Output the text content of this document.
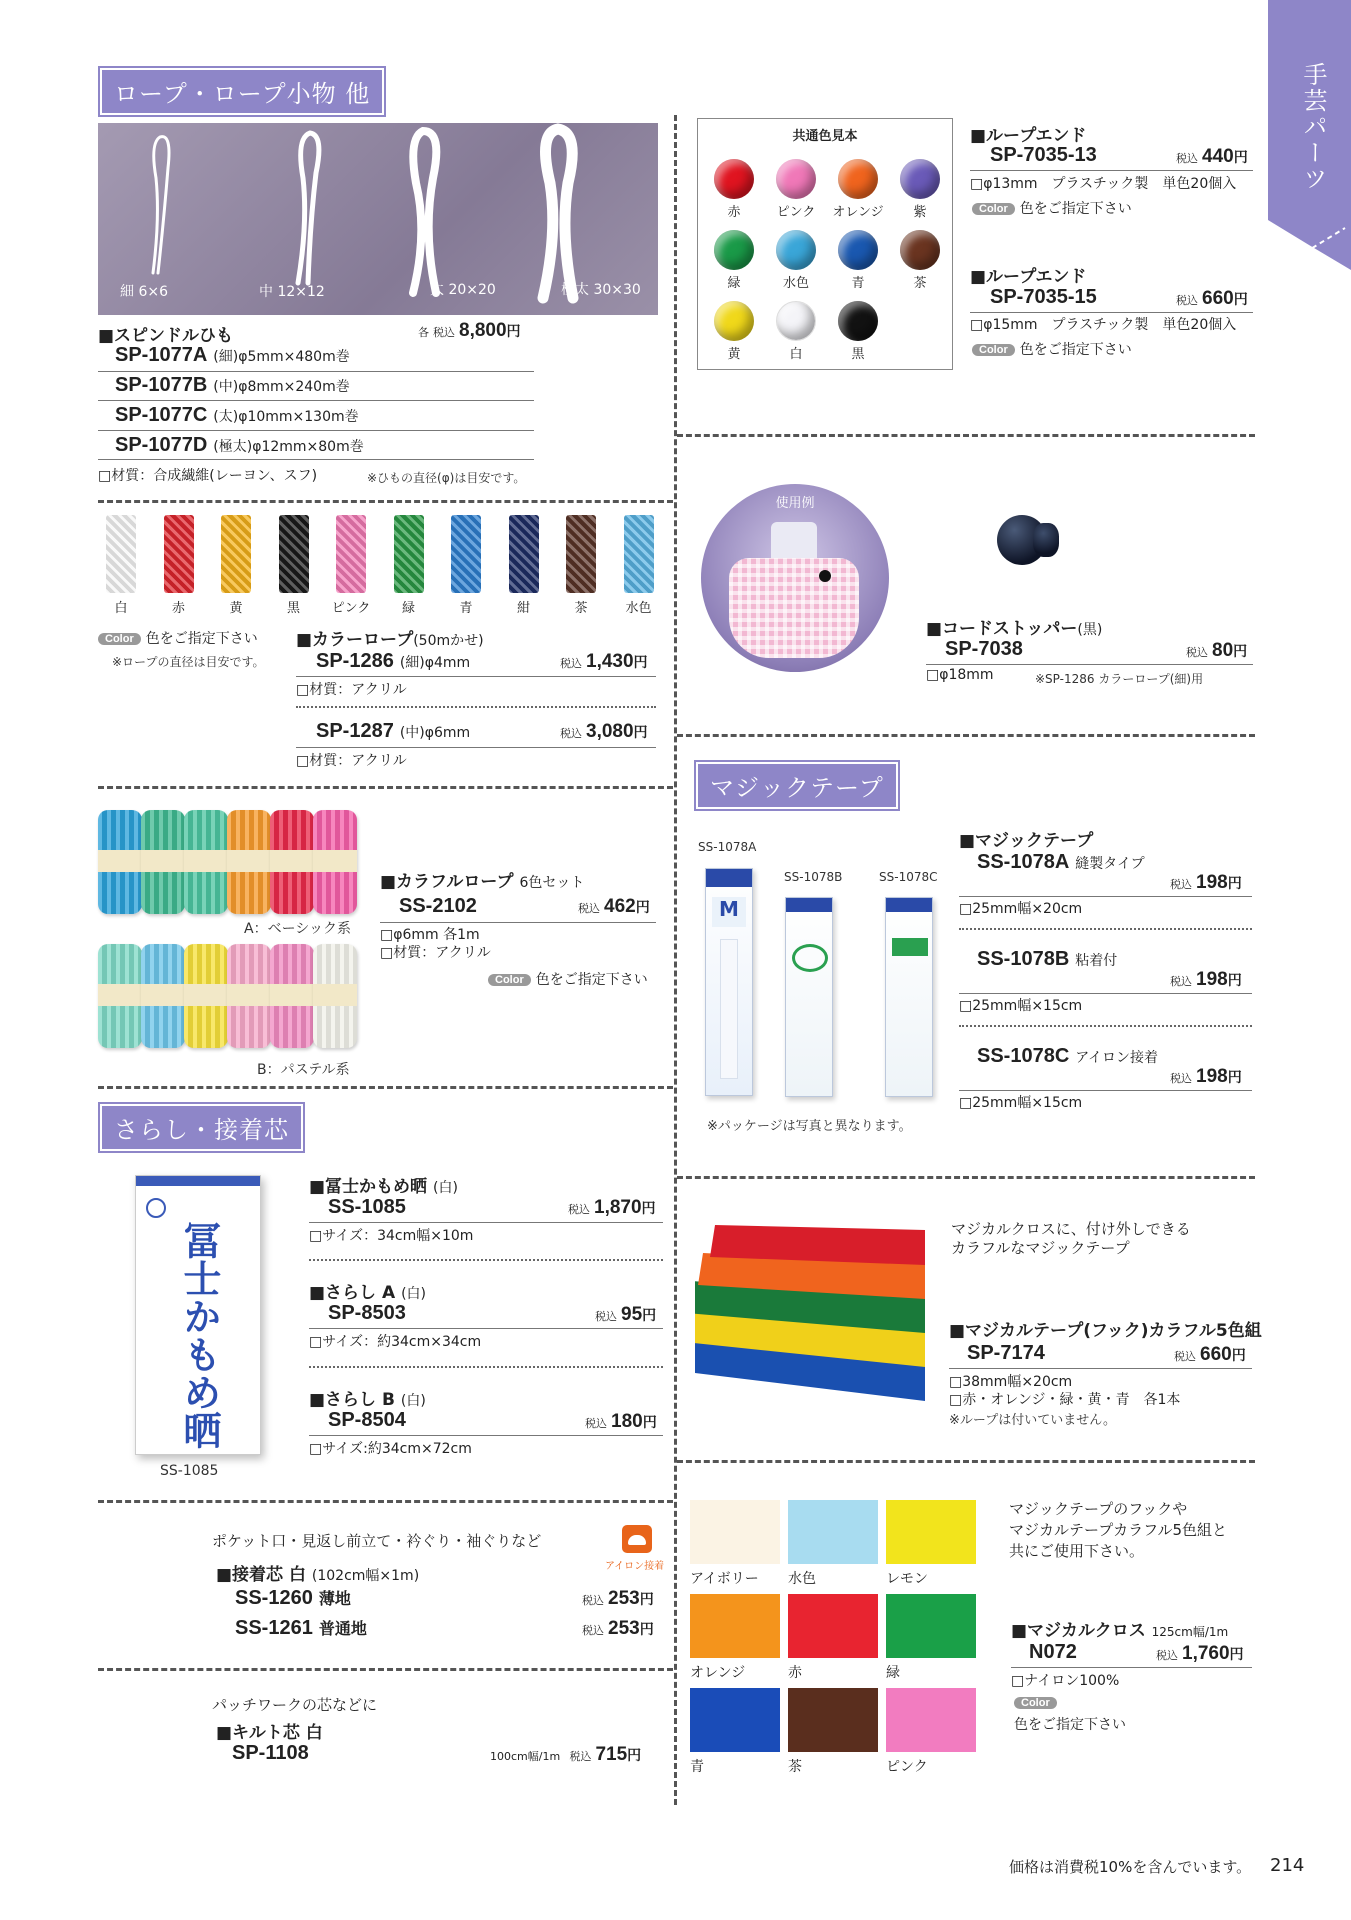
手芸パーツ
ロープ・ロープ小物 他
さらし・接着芯
マジックテープ
細 6×6	中 12×12	太 20×20	極太 30×30
■スピンドルひも	各 税込 8,800円
SP-1077A (細)φ5mm×480m巻
SP-1077B (中)φ8mm×240m巻
SP-1077C (太)φ10mm×130m巻
SP-1077D (極太)φ12mm×80m巻
□材質：合成繊維(レーヨン、スフ)	※ひもの直径(φ)は目安です。
白	赤	黄	黒	ピンク	緑	青	紺	茶	水色
Color 色をご指定下さい
※ロープの直径は目安です。
■カラーロープ(50mかせ)
SP-1286 (細)φ4mm	税込 1,430円
□材質：アクリル
SP-1287 (中)φ6mm	税込 3,080円
□材質：アクリル
A：ベーシック系
B：パステル系
■カラフルロープ 6色セット
SS-2102	税込 462円
□φ6mm 各1m
□材質：アクリル
Color 色をご指定下さい
冨士かもめ晒
SS-1085
■冨士かもめ晒 (白)
SS-1085	税込 1,870円
□サイズ：34cm幅×10m
■さらし A (白)
SP-8503	税込 95円
□サイズ：約34cm×34cm
■さらし B (白)
SP-8504	税込 180円
□サイズ:約34cm×72cm
ポケット口・見返し前立て・衿ぐり・袖ぐりなど
アイロン接着
■接着芯 白 (102cm幅×1m)
SS-1260 薄地	税込 253円
SS-1261 普通地	税込 253円
パッチワークの芯などに
■キルト芯 白
SP-1108	100cm幅/1m 税込 715円
共通色見本
赤	ピンク	オレンジ	紫
緑	水色	青	茶
黄	白	黒
■ループエンド
SP-7035-13	税込 440円
□φ13mm　プラスチック製　単色20個入
Color 色をご指定下さい
■ループエンド
SP-7035-15	税込 660円
□φ15mm　プラスチック製　単色20個入
Color 色をご指定下さい
使用例
■コードストッパー(黒)
SP-7038	税込 80円
□φ18mm	※SP-1286 カラーロープ(細)用
SS-1078A
SS-1078B	SS-1078C
M
※パッケージは写真と異なります。
■マジックテープ
SS-1078A 縫製タイプ
税込 198円
□25mm幅×20cm
SS-1078B 粘着付
税込 198円
□25mm幅×15cm
SS-1078C アイロン接着
税込 198円
□25mm幅×15cm
マジカルクロスに、付け外しできる
カラフルなマジックテープ
■マジカルテープ(フック)カラフル5色組
SP-7174	税込 660円
□38mm幅×20cm
□赤・オレンジ・緑・黄・青　各1本
※ループは付いていません。
アイボリー 水色	レモン
オレンジ	赤	緑
青	茶	ピンク
マジックテープのフックや
マジカルテープカラフル5色組と
共にご使用下さい。
■マジカルクロス 125cm幅/1m
N072	税込 1,760円
□ナイロン100%
Color
色をご指定下さい
価格は消費税10%を含んでいます。 214
